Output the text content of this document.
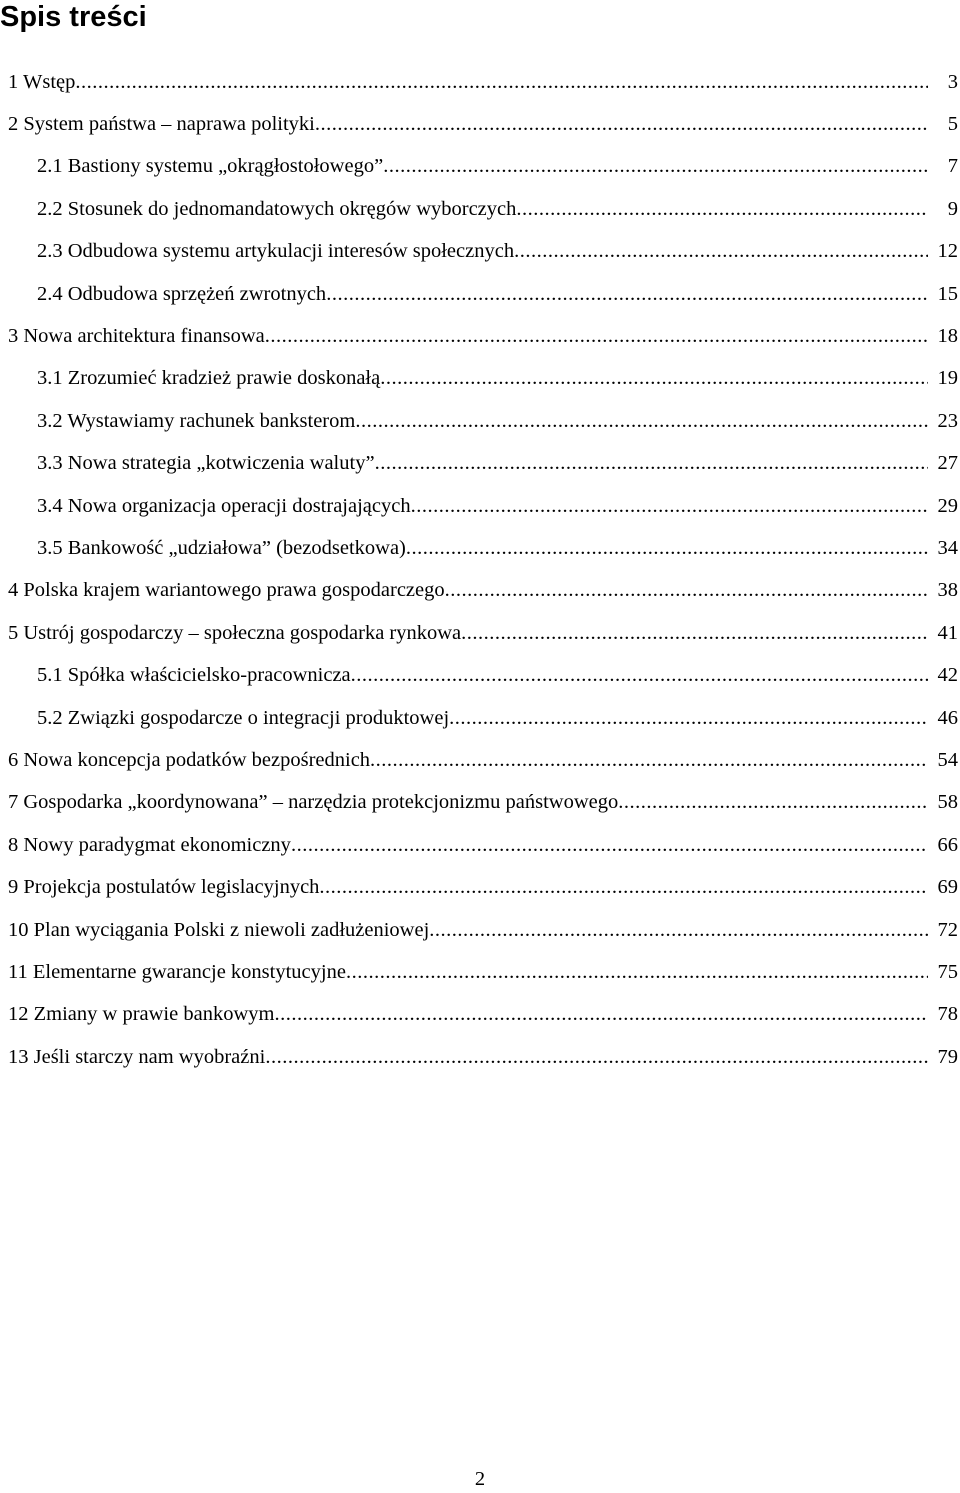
Spis treści
1 Wstęp .....	3
2 System państwa – naprawa polityki .....	5
2.1 Bastiony systemu „okrągłostołowego” .....	7
2.2 Stosunek do jednomandatowych okręgów wyborczych .....	9
2.3 Odbudowa systemu artykulacji interesów społecznych .....	12
2.4 Odbudowa sprzężeń zwrotnych .....	15
3 Nowa architektura finansowa .....	18
3.1 Zrozumieć kradzież prawie doskonałą .....	19
3.2 Wystawiamy rachunek banksterom .....	23
3.3 Nowa strategia „kotwiczenia waluty” .....	27
3.4 Nowa organizacja operacji dostrajających .....	29
3.5 Bankowość „udziałowa” (bezodsetkowa) .....	34
4 Polska krajem wariantowego prawa gospodarczego .....	38
5 Ustrój gospodarczy – społeczna gospodarka rynkowa .....	41
5.1 Spółka właścicielsko-pracownicza .....	42
5.2 Związki gospodarcze o integracji produktowej .....	46
6 Nowa koncepcja podatków bezpośrednich .....	54
7 Gospodarka „koordynowana” – narzędzia protekcjonizmu państwowego .....	58
8 Nowy paradygmat ekonomiczny .....	66
9 Projekcja postulatów legislacyjnych .....	69
10 Plan wyciągania Polski z niewoli zadłużeniowej .....	72
11 Elementarne gwarancje konstytucyjne .....	75
12 Zmiany w prawie bankowym .....	78
13 Jeśli starczy nam wyobraźni .....	79
2
